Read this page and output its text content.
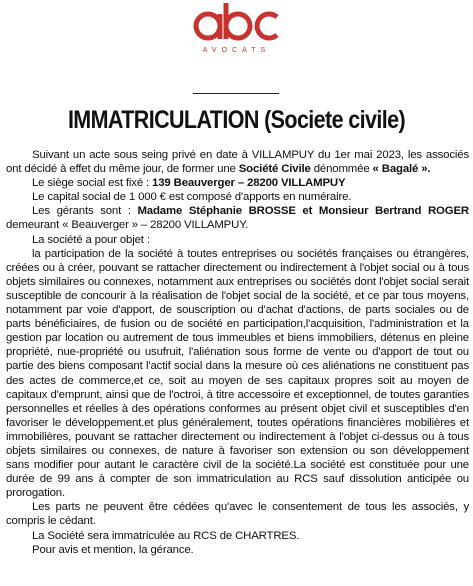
AVOCATS
IMMATRICULATION (Societe civile)

Suivant un acte sous seing privé en date à VILLAMPUY du 1er mai 2023, les associés ont décidé à effet du même jour, de former une Société Civile dénommée « Bagalé ».

Le siège social est fixé : 139 Beauverger – 28200 VILLAMPUY

Le capital social de 1 000 € est composé d'apports en numéraire.

Les gérants sont : Madame Stéphanie BROSSE et Monsieur Bertrand ROGER demeurant « Beauverger » – 28200 VILLAMPUY.

La société a pour objet :

la participation de la société à toutes entreprises ou sociétés françaises ou étrangères, créées ou à créer, pouvant se rattacher directement ou indirectement à l'objet social ou à tous objets similaires ou connexes, notamment aux entreprises ou sociétés dont l'objet social serait susceptible de concourir à la réalisation de l'objet social de la société, et ce par tous moyens, notamment par voie d'apport, de souscription ou d'achat d'actions, de parts sociales ou de parts bénéficiaires, de fusion ou de société en participation,l'acquisition, l'administration et la gestion par location ou autrement de tous immeubles et biens immobiliers, détenus en pleine propriété, nue-propriété ou usufruit, l'aliénation sous forme de vente ou d'apport de tout ou partie des biens composant l'actif social dans la mesure où ces aliénations ne constituent pas des actes de commerce,et ce, soit au moyen de ses capitaux propres soit au moyen de capitaux d'emprunt, ainsi que de l'octroi, à titre accessoire et exceptionnel, de toutes garanties personnelles et réelles à des opérations conformes au présent objet civil et susceptibles d'en favoriser le développement.et plus généralement, toutes opérations financières mobilières et immobilières, pouvant se rattacher directement ou indirectement à l'objet ci-dessus ou à tous objets similaires ou connexes, de nature à favoriser son extension ou son développement sans modifier pour autant le caractère civil de la société.La société est constituée pour une durée de 99 ans à compter de son immatriculation au RCS sauf dissolution anticipée ou prorogation.

Les parts ne peuvent être cédées qu'avec le consentement de tous les associés, y compris le cédant.

La Société sera immatriculée au RCS de CHARTRES.

Pour avis et mention, la gérance.
